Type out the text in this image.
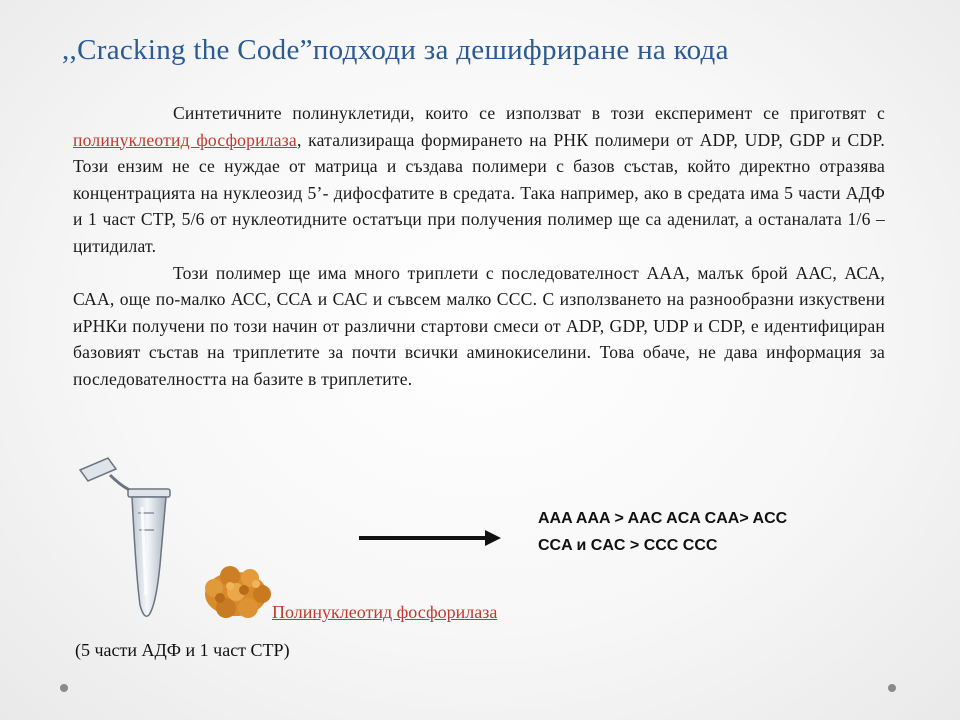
,,Cracking the Code”подходи за дешифриране на кода

Синтетичните полинуклетиди, които се използват в този експеримент се приготвят с полинуклеотид фосфорилаза, катализираща формирането на РНК полимери от ADP, UDP, GDP и CDP. Този ензим не се нуждае от матрица и създава полимери с базов състав, който директно отразява концентрацията на нуклеозид 5’- дифосфатите в средата. Така например, ако в средата има 5 части АДФ и 1 част СТР, 5/6 от нуклеотидните остатъци при получения полимер ще са аденилат, а останалата 1/6 – цитидилат.

Този полимер ще има много триплети с последователност ААА, малък брой ААС, АСА, САА, още по-малко АСС, ССА и САС и съвсем малко ССС. С използването на разнообразни изкуствени иРНКи получени по този начин от различни стартови смеси от ADP, GDP, UDP и CDP, е идентифициран базовият състав на триплетите за почти всички аминокиселини. Това обаче, не дава информация за последователността на базите в триплетите.

AAA AAA > AAC ACA CAA> ACC
CCA и CAC > CCC CCC
Полинуклеотид фосфорилаза
(5 части АДФ и 1 част СТР)
